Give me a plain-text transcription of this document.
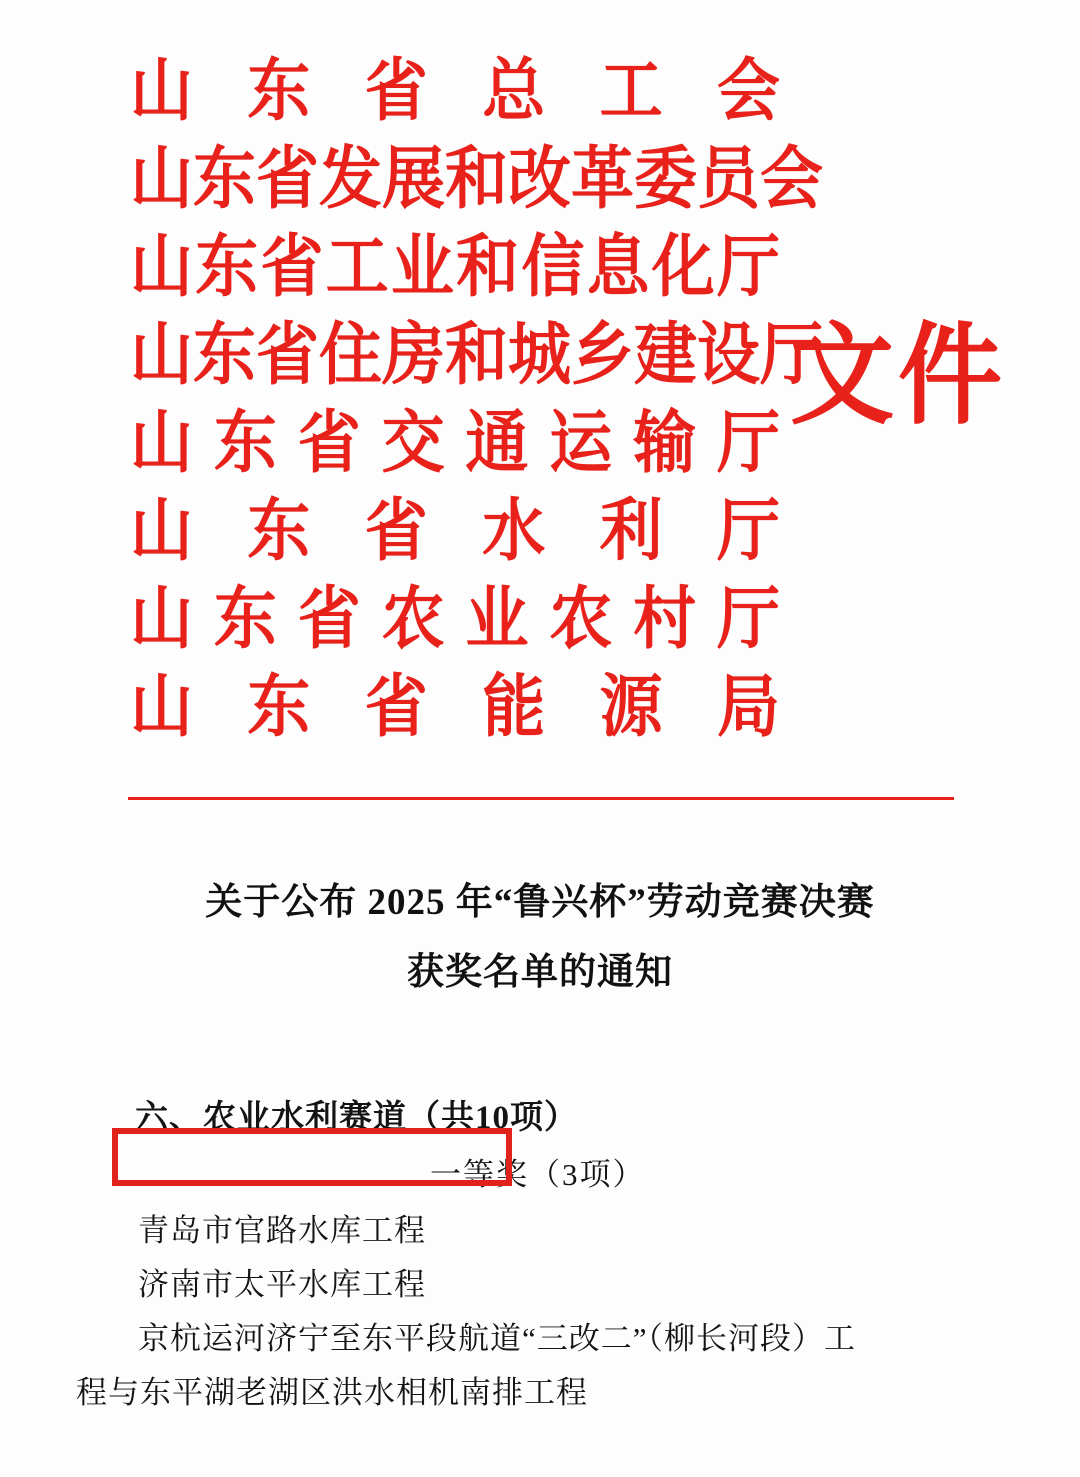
山东省总工会
山东省发展和改革委员会
山东省工业和信息化厅
山东省住房和城乡建设厅
山东省交通运输厅
山东省水利厅
山东省农业农村厅
山东省能源局
文件
关于公布 2025 年“鲁兴杯”劳动竞赛决赛
获奖名单的通知
六、农业水利赛道（共10项）
一等奖（3项）
青岛市官路水库工程
济南市太平水库工程
京杭运河济宁至东平段航道“三改二”（柳长河段）工
程与东平湖老湖区洪水相机南排工程
